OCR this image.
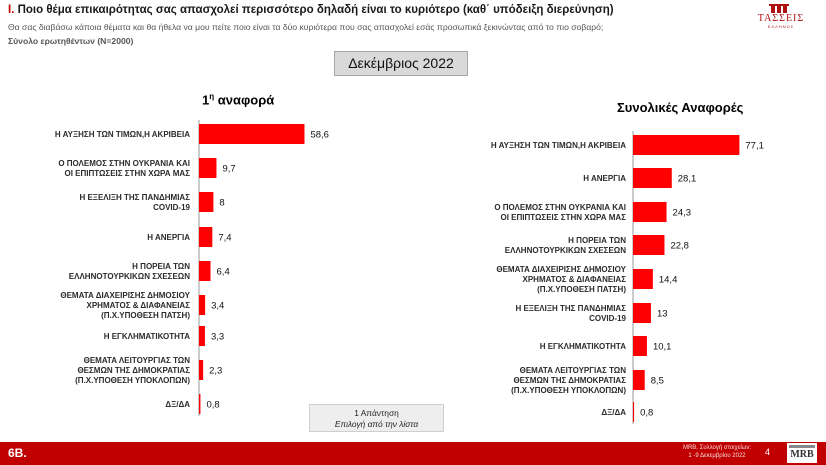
I. Ποιο θέμα επικαιρότητας σας απασχολεί περισσότερο δηλαδή είναι το κυριότερο (καθ΄ υπόδειξη διερεύνηση)
Θα σας διαβάσω κάποια θέματα και θα ήθελα να μου πείτε ποιο είναι τα δύο κυριότερα που σας απασχολεί εσάς προσωπικά ξεκινώντας από το πιο σοβαρό;
Σύνολο ερωτηθέντων (N=2000)
ΤΑΣΣΕΙΣ
ΕΛΛΗΝΟΣ
Δεκέμβριος 2022
$1^\eta$ αναφορά
Συνολικές Αναφορές
58,6
Η ΑΥΞΗΣΗ ΤΩΝ ΤΙΜΩΝ,Η ΑΚΡΙΒΕΙΑ
9,7
Ο ΠΟΛΕΜΟΣ ΣΤΗΝ ΟΥΚΡΑΝΙΑ ΚΑΙ ΟΙ ΕΠΙΠΤΩΣΕΙΣ ΣΤΗΝ ΧΩΡΑ ΜΑΣ
8
Η ΕΞΕΛΙΞΗ ΤΗΣ ΠΑΝΔΗΜΙΑΣ COVID-19
7,4
Η ΑΝΕΡΓΙΑ
6,4
Η ΠΟΡΕΙΑ ΤΩΝ ΕΛΛΗΝΟΤΟΥΡΚΙΚΩΝ ΣΧΕΣΕΩΝ
3,4
ΘΕΜΑΤΑ ΔΙΑΧΕΙΡΙΣΗΣ ΔΗΜΟΣΙΟΥ ΧΡΗΜΑΤΟΣ & ΔΙΑΦΑΝΕΙΑΣ (Π.Χ.ΥΠΟΘΕΣΗ ΠΑΤΣΗ)
3,3
Η ΕΓΚΛΗΜΑΤΙΚΟΤΗΤΑ
2,3
ΘΕΜΑΤΑ ΛΕΙΤΟΥΡΓΙΑΣ ΤΩΝ ΘΕΣΜΩΝ ΤΗΣ ΔΗΜΟΚΡΑΤΙΑΣ (Π.Χ.ΥΠΟΘΕΣΗ ΥΠΟΚΛΟΠΩΝ)
0,8
ΔΞ/ΔΑ
77,1
Η ΑΥΞΗΣΗ ΤΩΝ ΤΙΜΩΝ,Η ΑΚΡΙΒΕΙΑ
28,1
Η ΑΝΕΡΓΙΑ
24,3
Ο ΠΟΛΕΜΟΣ ΣΤΗΝ ΟΥΚΡΑΝΙΑ ΚΑΙ ΟΙ ΕΠΙΠΤΩΣΕΙΣ ΣΤΗΝ ΧΩΡΑ ΜΑΣ
22,8
Η ΠΟΡΕΙΑ ΤΩΝ ΕΛΛΗΝΟΤΟΥΡΚΙΚΩΝ ΣΧΕΣΕΩΝ
14,4
ΘΕΜΑΤΑ ΔΙΑΧΕΙΡΙΣΗΣ ΔΗΜΟΣΙΟΥ ΧΡΗΜΑΤΟΣ & ΔΙΑΦΑΝΕΙΑΣ (Π.Χ.ΥΠΟΘΕΣΗ ΠΑΤΣΗ)
13
Η ΕΞΕΛΙΞΗ ΤΗΣ ΠΑΝΔΗΜΙΑΣ COVID-19
10,1
Η ΕΓΚΛΗΜΑΤΙΚΟΤΗΤΑ
8,5
ΘΕΜΑΤΑ ΛΕΙΤΟΥΡΓΙΑΣ ΤΩΝ ΘΕΣΜΩΝ ΤΗΣ ΔΗΜΟΚΡΑΤΙΑΣ (Π.Χ.ΥΠΟΘΕΣΗ ΥΠΟΚΛΟΠΩΝ)
0,8
ΔΞ/ΔΑ
1 Απάντηση
Επιλογή από την λίστα
6Β.	MRB, Συλλογή στοιχείων:
1 -9 Δεκεμβρίου 2022	4	MRB
